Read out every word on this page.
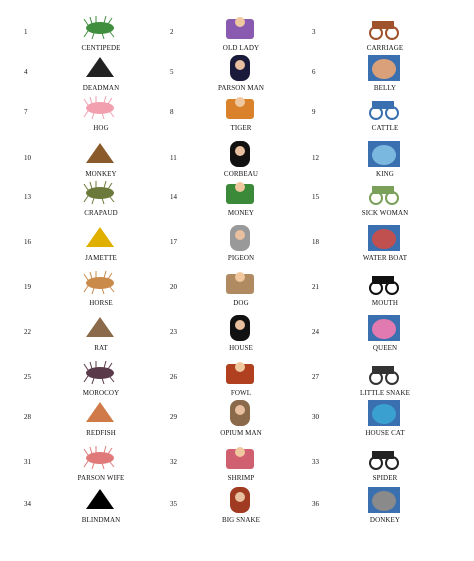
1
CENTIPEDE
2
OLD LADY
3
CARRIAGE
4
DEADMAN
5
PARSON MAN
6
BELLY
7
HOG
8
TIGER
9
CATTLE
10
MONKEY
11
CORBEAU
12
KING
13
CRAPAUD
14
MONEY
15
SICK WOMAN
16
JAMETTE
17
PIGEON
18
WATER BOAT
19
HORSE
20
DOG
21
MOUTH
22
RAT
23
HOUSE
24
QUEEN
25
MOROCOY
26
FOWL
27
LITTLE SNAKE
28
REDFISH
29
OPIUM MAN
30
HOUSE CAT
31
PARSON WIFE
32
SHRIMP
33
SPIDER
34
BLINDMAN
35
BIG SNAKE
36
DONKEY
